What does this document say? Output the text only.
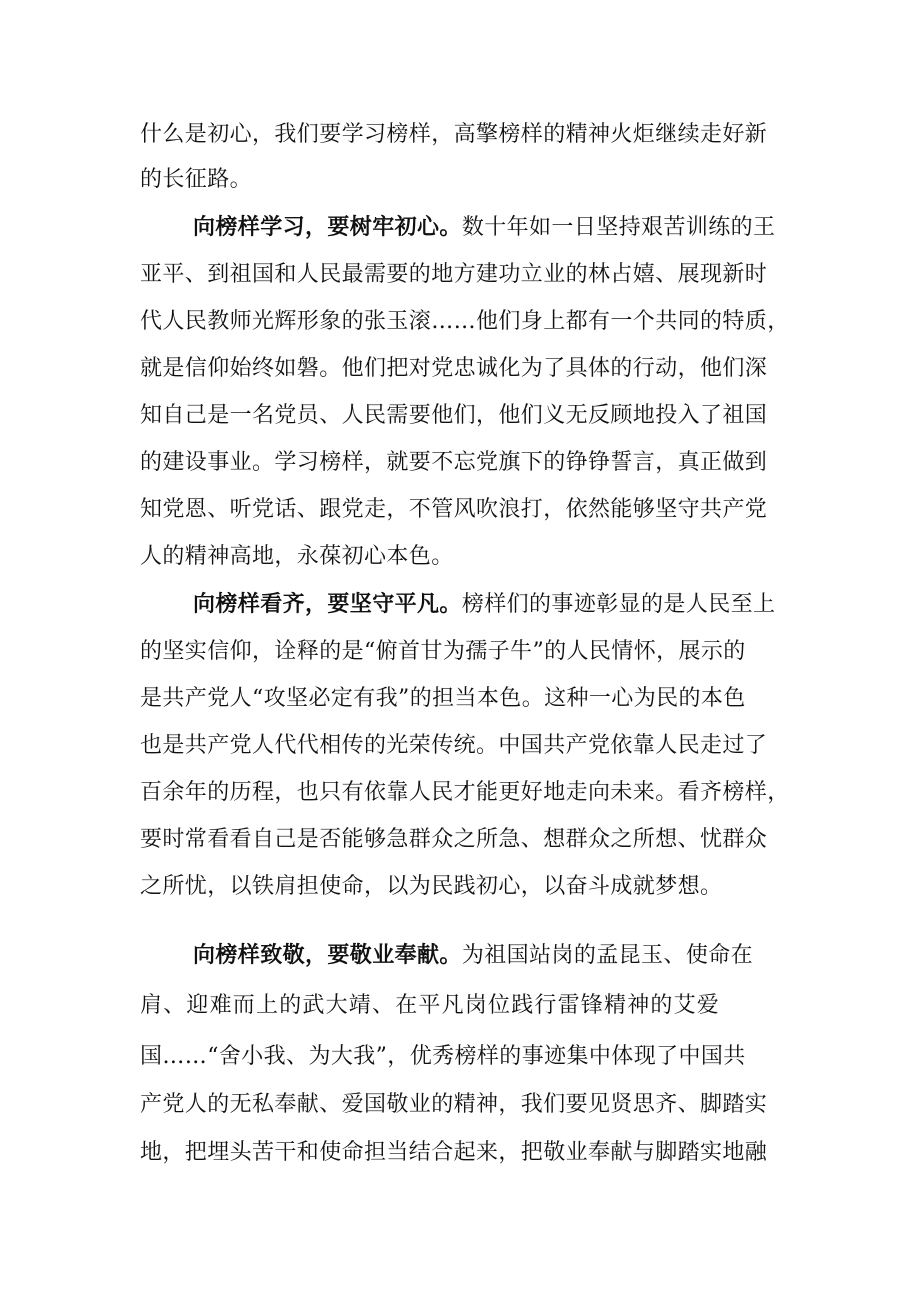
什么是初心，我们要学习榜样，高擎榜样的精神火炬继续走好新
的长征路。
向榜样学习，要树牢初心。数十年如一日坚持艰苦训练的王
亚平、到祖国和人民最需要的地方建功立业的林占嬉、展现新时
代人民教师光辉形象的张玉滚……他们身上都有一个共同的特质，
就是信仰始终如磐。他们把对党忠诚化为了具体的行动，他们深
知自己是一名党员、人民需要他们，他们义无反顾地投入了祖国
的建设事业。学习榜样，就要不忘党旗下的铮铮誓言，真正做到
知党恩、听党话、跟党走，不管风吹浪打，依然能够坚守共产党
人的精神高地，永葆初心本色。
向榜样看齐，要坚守平凡。榜样们的事迹彰显的是人民至上
的坚实信仰，诠释的是“俯首甘为孺子牛”的人民情怀，展示的
是共产党人“攻坚必定有我”的担当本色。这种一心为民的本色
也是共产党人代代相传的光荣传统。中国共产党依靠人民走过了
百余年的历程，也只有依靠人民才能更好地走向未来。看齐榜样，
要时常看看自己是否能够急群众之所急、想群众之所想、忧群众
之所忧，以铁肩担使命，以为民践初心，以奋斗成就梦想。
向榜样致敬，要敬业奉献。为祖国站岗的孟昆玉、使命在
肩、迎难而上的武大靖、在平凡岗位践行雷锋精神的艾爱
国……“舍小我、为大我”，优秀榜样的事迹集中体现了中国共
产党人的无私奉献、爱国敬业的精神，我们要见贤思齐、脚踏实
地，把埋头苦干和使命担当结合起来，把敬业奉献与脚踏实地融
